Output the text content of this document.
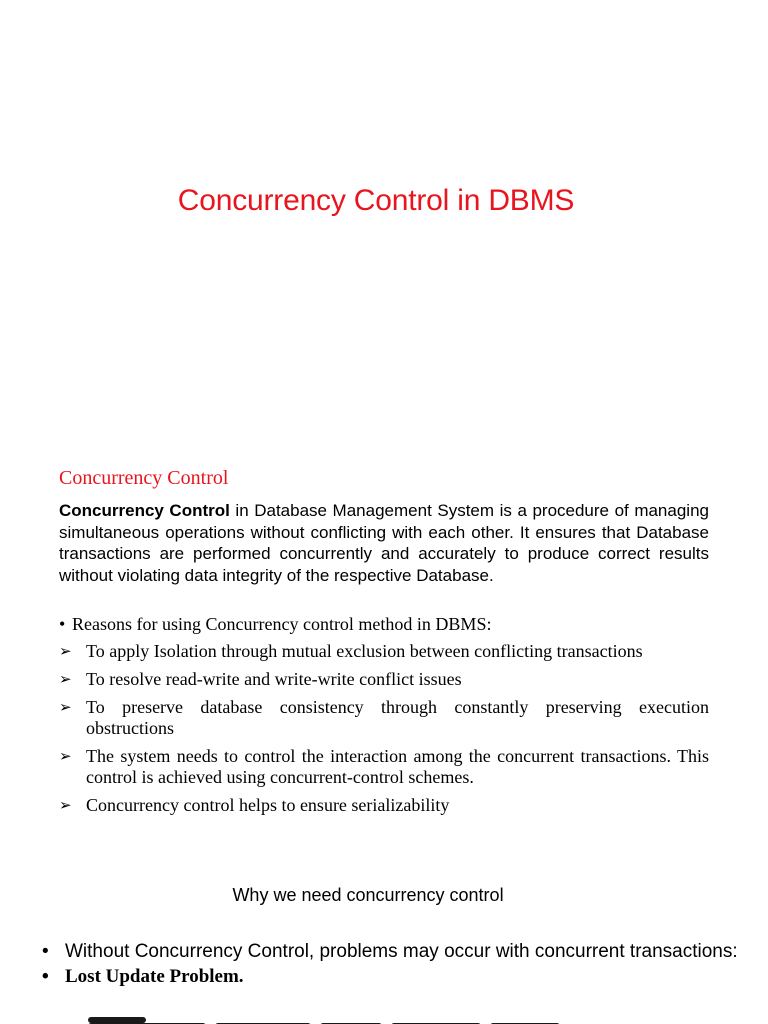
Concurrency Control in DBMS
Concurrency Control
Concurrency Control in Database Management System is a procedure of managing simultaneous operations without conflicting with each other. It ensures that Database transactions are performed concurrently and accurately to produce correct results without violating data integrity of the respective Database.

• Reasons for using Concurrency control method in DBMS:

➢ To apply Isolation through mutual exclusion between conflicting transactions
➢ To resolve read-write and write-write conflict issues
➢ To preserve database consistency through constantly preserving execution obstructions
➢ The system needs to control the interaction among the concurrent transactions. This control is achieved using concurrent-control schemes.
➢ Concurrency control helps to ensure serializability
Why we need concurrency control
• Without Concurrency Control, problems may occur with concurrent transactions:
• Lost Update Problem.
